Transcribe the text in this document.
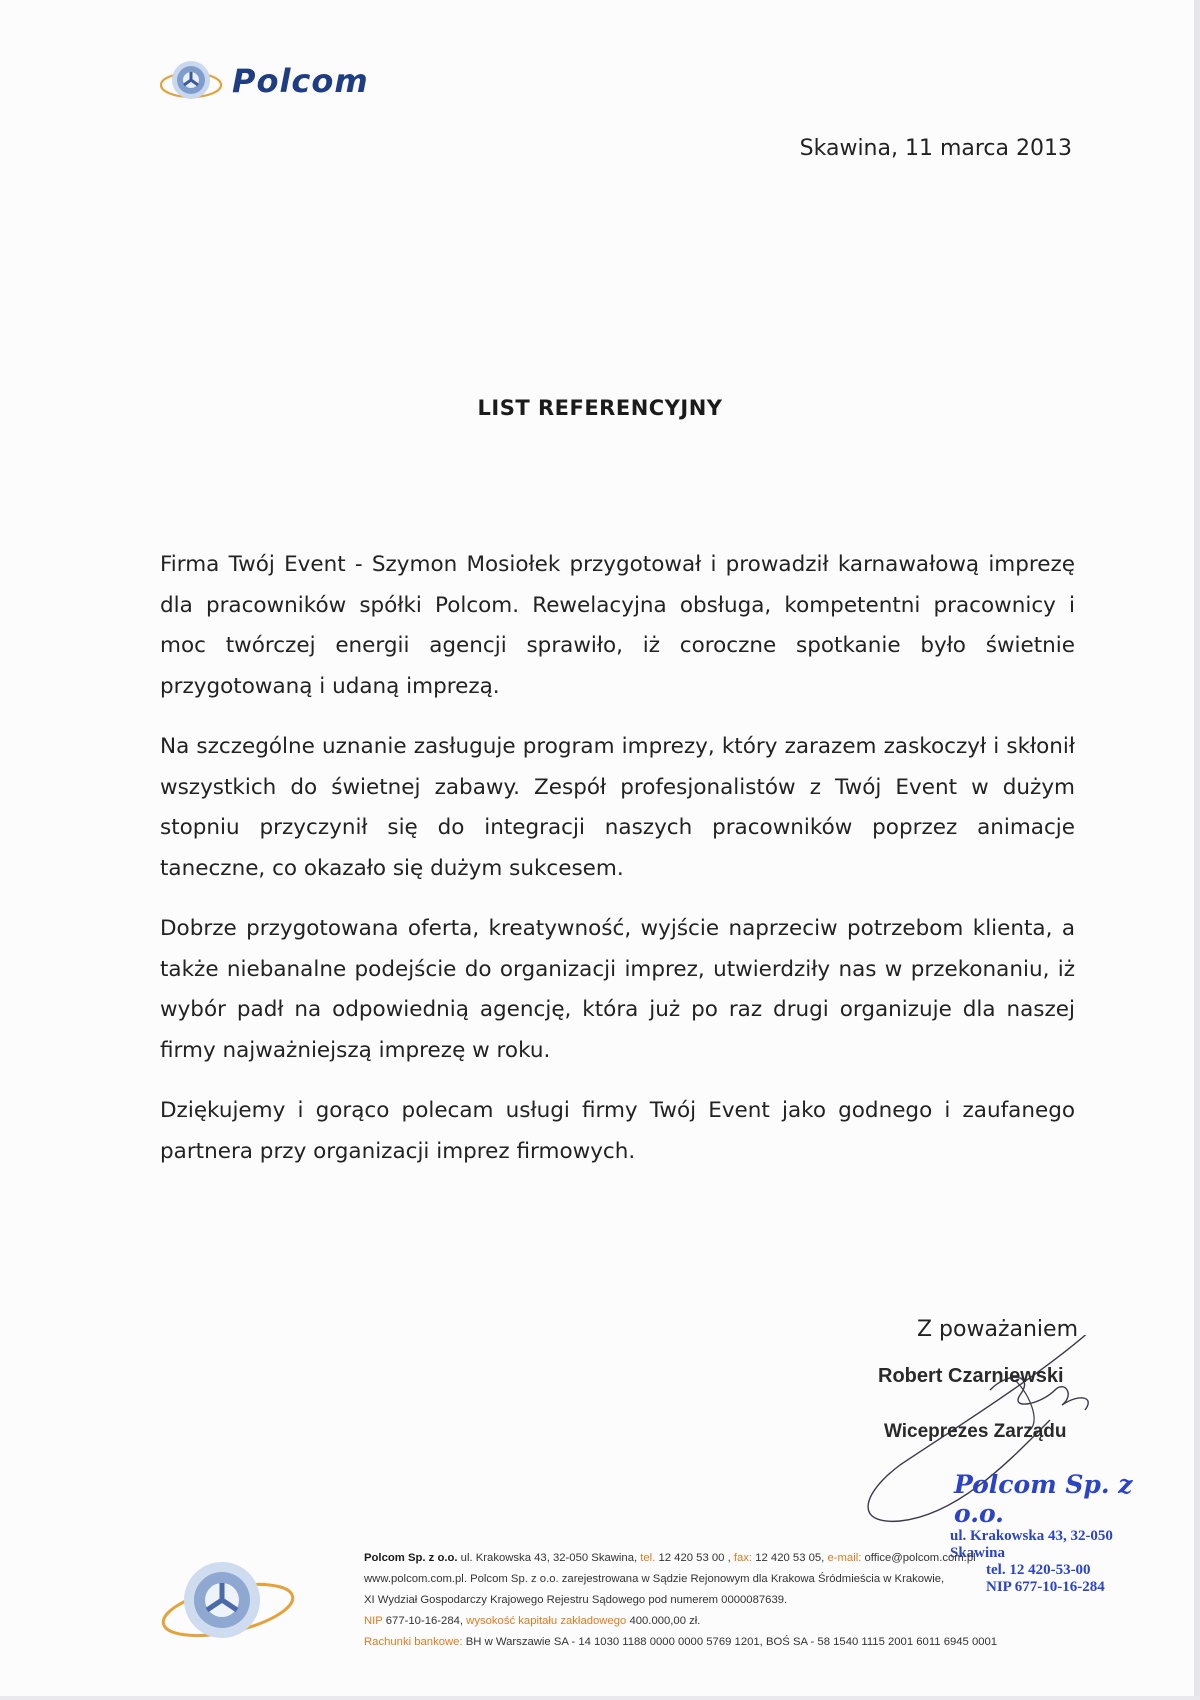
Polcom
Skawina, 11 marca 2013
LIST REFERENCYJNY

Firma Twój Event - Szymon Mosiołek przygotował i prowadził karnawałową imprezę dla pracowników spółki Polcom. Rewelacyjna obsługa, kompetentni pracownicy i moc twórczej energii agencji sprawiło, iż coroczne spotkanie było świetnie przygotowaną i udaną imprezą.

Na szczególne uznanie zasługuje program imprezy, który zarazem zaskoczył i skłonił wszystkich do świetnej zabawy. Zespół profesjonalistów z Twój Event w dużym stopniu przyczynił się do integracji naszych pracowników poprzez animacje taneczne, co okazało się dużym sukcesem.

Dobrze przygotowana oferta, kreatywność, wyjście naprzeciw potrzebom klienta, a także niebanalne podejście do organizacji imprez, utwierdziły nas w przekonaniu, iż wybór padł na odpowiednią agencję, która już po raz drugi organizuje dla naszej firmy najważniejszą imprezę w roku.

Dziękujemy i gorąco polecam usługi firmy Twój Event jako godnego i zaufanego partnera przy organizacji imprez firmowych.

Z poważaniem
Robert Czarniewski
Wiceprezes Zarządu
Polcom Sp. z o.o.
ul. Krakowska 43, 32-050 Skawina
tel. 12 420-53-00
NIP 677-10-16-284
Polcom Sp. z o.o. ul. Krakowska 43, 32-050 Skawina, tel. 12 420 53 00 , fax: 12 420 53 05, e-mail: office@polcom.com.pl
www.polcom.com.pl. Polcom Sp. z o.o. zarejestrowana w Sądzie Rejonowym dla Krakowa Śródmieścia w Krakowie,
XI Wydział Gospodarczy Krajowego Rejestru Sądowego pod numerem 0000087639.
NIP 677-10-16-284, wysokość kapitału zakładowego 400.000,00 zł.
Rachunki bankowe: BH w Warszawie SA - 14 1030 1188 0000 0000 5769 1201, BOŚ SA - 58 1540 1115 2001 6011 6945 0001
